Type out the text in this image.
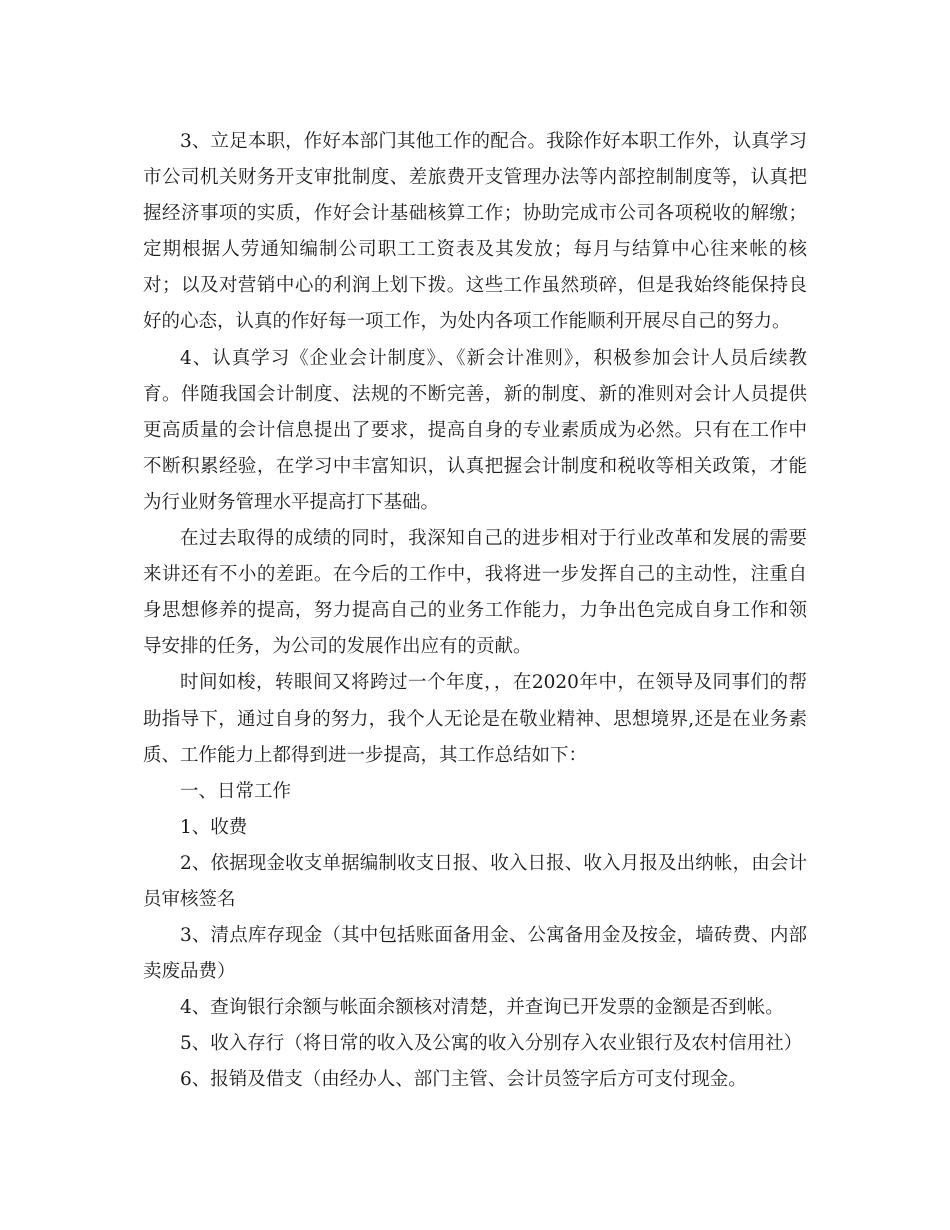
3、立足本职，作好本部门其他工作的配合。我除作好本职工作外，认真学习市公司机关财务开支审批制度、差旅费开支管理办法等内部控制制度等，认真把握经济事项的实质，作好会计基础核算工作；协助完成市公司各项税收的解缴；定期根据人劳通知编制公司职工工资表及其发放；每月与结算中心往来帐的核对；以及对营销中心的利润上划下拨。这些工作虽然琐碎，但是我始终能保持良好的心态，认真的作好每一项工作，为处内各项工作能顺利开展尽自己的努力。

4、认真学习《企业会计制度》、《新会计准则》，积极参加会计人员后续教育。伴随我国会计制度、法规的不断完善，新的制度、新的准则对会计人员提供更高质量的会计信息提出了要求，提高自身的专业素质成为必然。只有在工作中不断积累经验，在学习中丰富知识，认真把握会计制度和税收等相关政策，才能为行业财务管理水平提高打下基础。

在过去取得的成绩的同时，我深知自己的进步相对于行业改革和发展的需要来讲还有不小的差距。在今后的工作中，我将进一步发挥自己的主动性，注重自身思想修养的提高，努力提高自己的业务工作能力，力争出色完成自身工作和领导安排的任务，为公司的发展作出应有的贡献。

时间如梭，转眼间又将跨过一个年度，，在2020年中，在领导及同事们的帮助指导下，通过自身的努力，我个人无论是在敬业精神、思想境界,还是在业务素质、工作能力上都得到进一步提高，其工作总结如下：

一、日常工作

1、收费

2、依据现金收支单据编制收支日报、收入日报、收入月报及出纳帐，由会计员审核签名

3、清点库存现金（其中包括账面备用金、公寓备用金及按金，墙砖费、内部卖废品费）

4、查询银行余额与帐面余额核对清楚，并查询已开发票的金额是否到帐。

5、收入存行（将日常的收入及公寓的收入分别存入农业银行及农村信用社）

6、报销及借支（由经办人、部门主管、会计员签字后方可支付现金。
